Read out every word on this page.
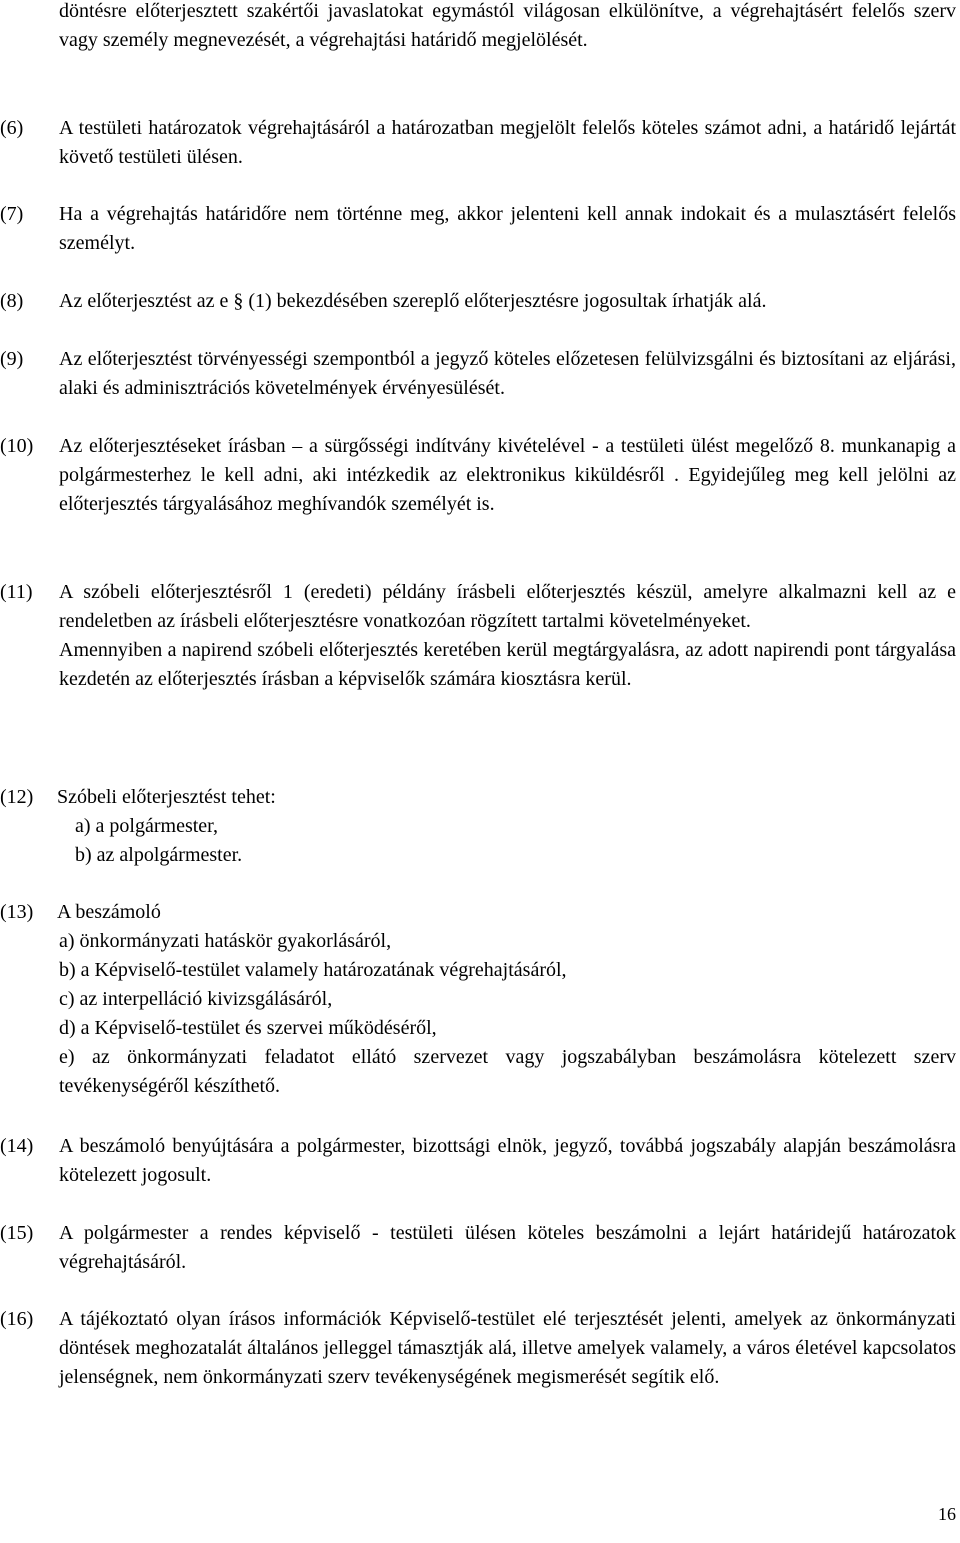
döntésre előterjesztett szakértői javaslatokat egymástól világosan elkülönítve, a végrehajtásért felelős szerv vagy személy megnevezését, a végrehajtási határidő megjelölését.

(6) A testületi határozatok végrehajtásáról a határozatban megjelölt felelős köteles számot adni, a határidő lejártát követő testületi ülésen.
(7) Ha a végrehajtás határidőre nem történne meg, akkor jelenteni kell annak indokait és a mulasztásért felelős személyt.
(8) Az előterjesztést az e § (1) bekezdésében szereplő előterjesztésre jogosultak írhatják alá.
(9) Az előterjesztést törvényességi szempontból a jegyző köteles előzetesen felülvizsgálni és biztosítani az eljárási, alaki és adminisztrációs követelmények érvényesülését.
(10) Az előterjesztéseket írásban – a sürgősségi indítvány kivételével - a testületi ülést megelőző 8. munkanapig a polgármesterhez le kell adni, aki intézkedik az elektronikus kiküldésről . Egyidejűleg meg kell jelölni az előterjesztés tárgyalásához meghívandók személyét is.
(11) A szóbeli előterjesztésről 1 (eredeti) példány írásbeli előterjesztés készül, amelyre alkalmazni kell az e rendeletben az írásbeli előterjesztésre vonatkozóan rögzített tartalmi követelményeket.
Amennyiben a napirend szóbeli előterjesztés keretében kerül megtárgyalásra, az adott napirendi pont tárgyalása kezdetén az előterjesztés írásban a képviselők számára kiosztásra kerül.
(12) Szóbeli előterjesztést tehet:
a) a polgármester,
b) az alpolgármester.
(13) A beszámoló
a) önkormányzati hatáskör gyakorlásáról,
b) a Képviselő-testület valamely határozatának végrehajtásáról,
c) az interpelláció kivizsgálásáról,
d) a Képviselő-testület és szervei működéséről,
e) az önkormányzati feladatot ellátó szervezet vagy jogszabályban beszámolásra kötelezett szerv tevékenységéről készíthető.
(14) A beszámoló benyújtására a polgármester, bizottsági elnök, jegyző, továbbá jogszabály alapján beszámolásra kötelezett jogosult.
(15) A polgármester a rendes képviselő - testületi ülésen köteles beszámolni a lejárt határidejű határozatok végrehajtásáról.
(16) A tájékoztató olyan írásos információk Képviselő-testület elé terjesztését jelenti, amelyek az önkormányzati döntések meghozatalát általános jelleggel támasztják alá, illetve amelyek valamely, a város életével kapcsolatos jelenségnek, nem önkormányzati szerv tevékenységének megismerését segítik elő.
16
